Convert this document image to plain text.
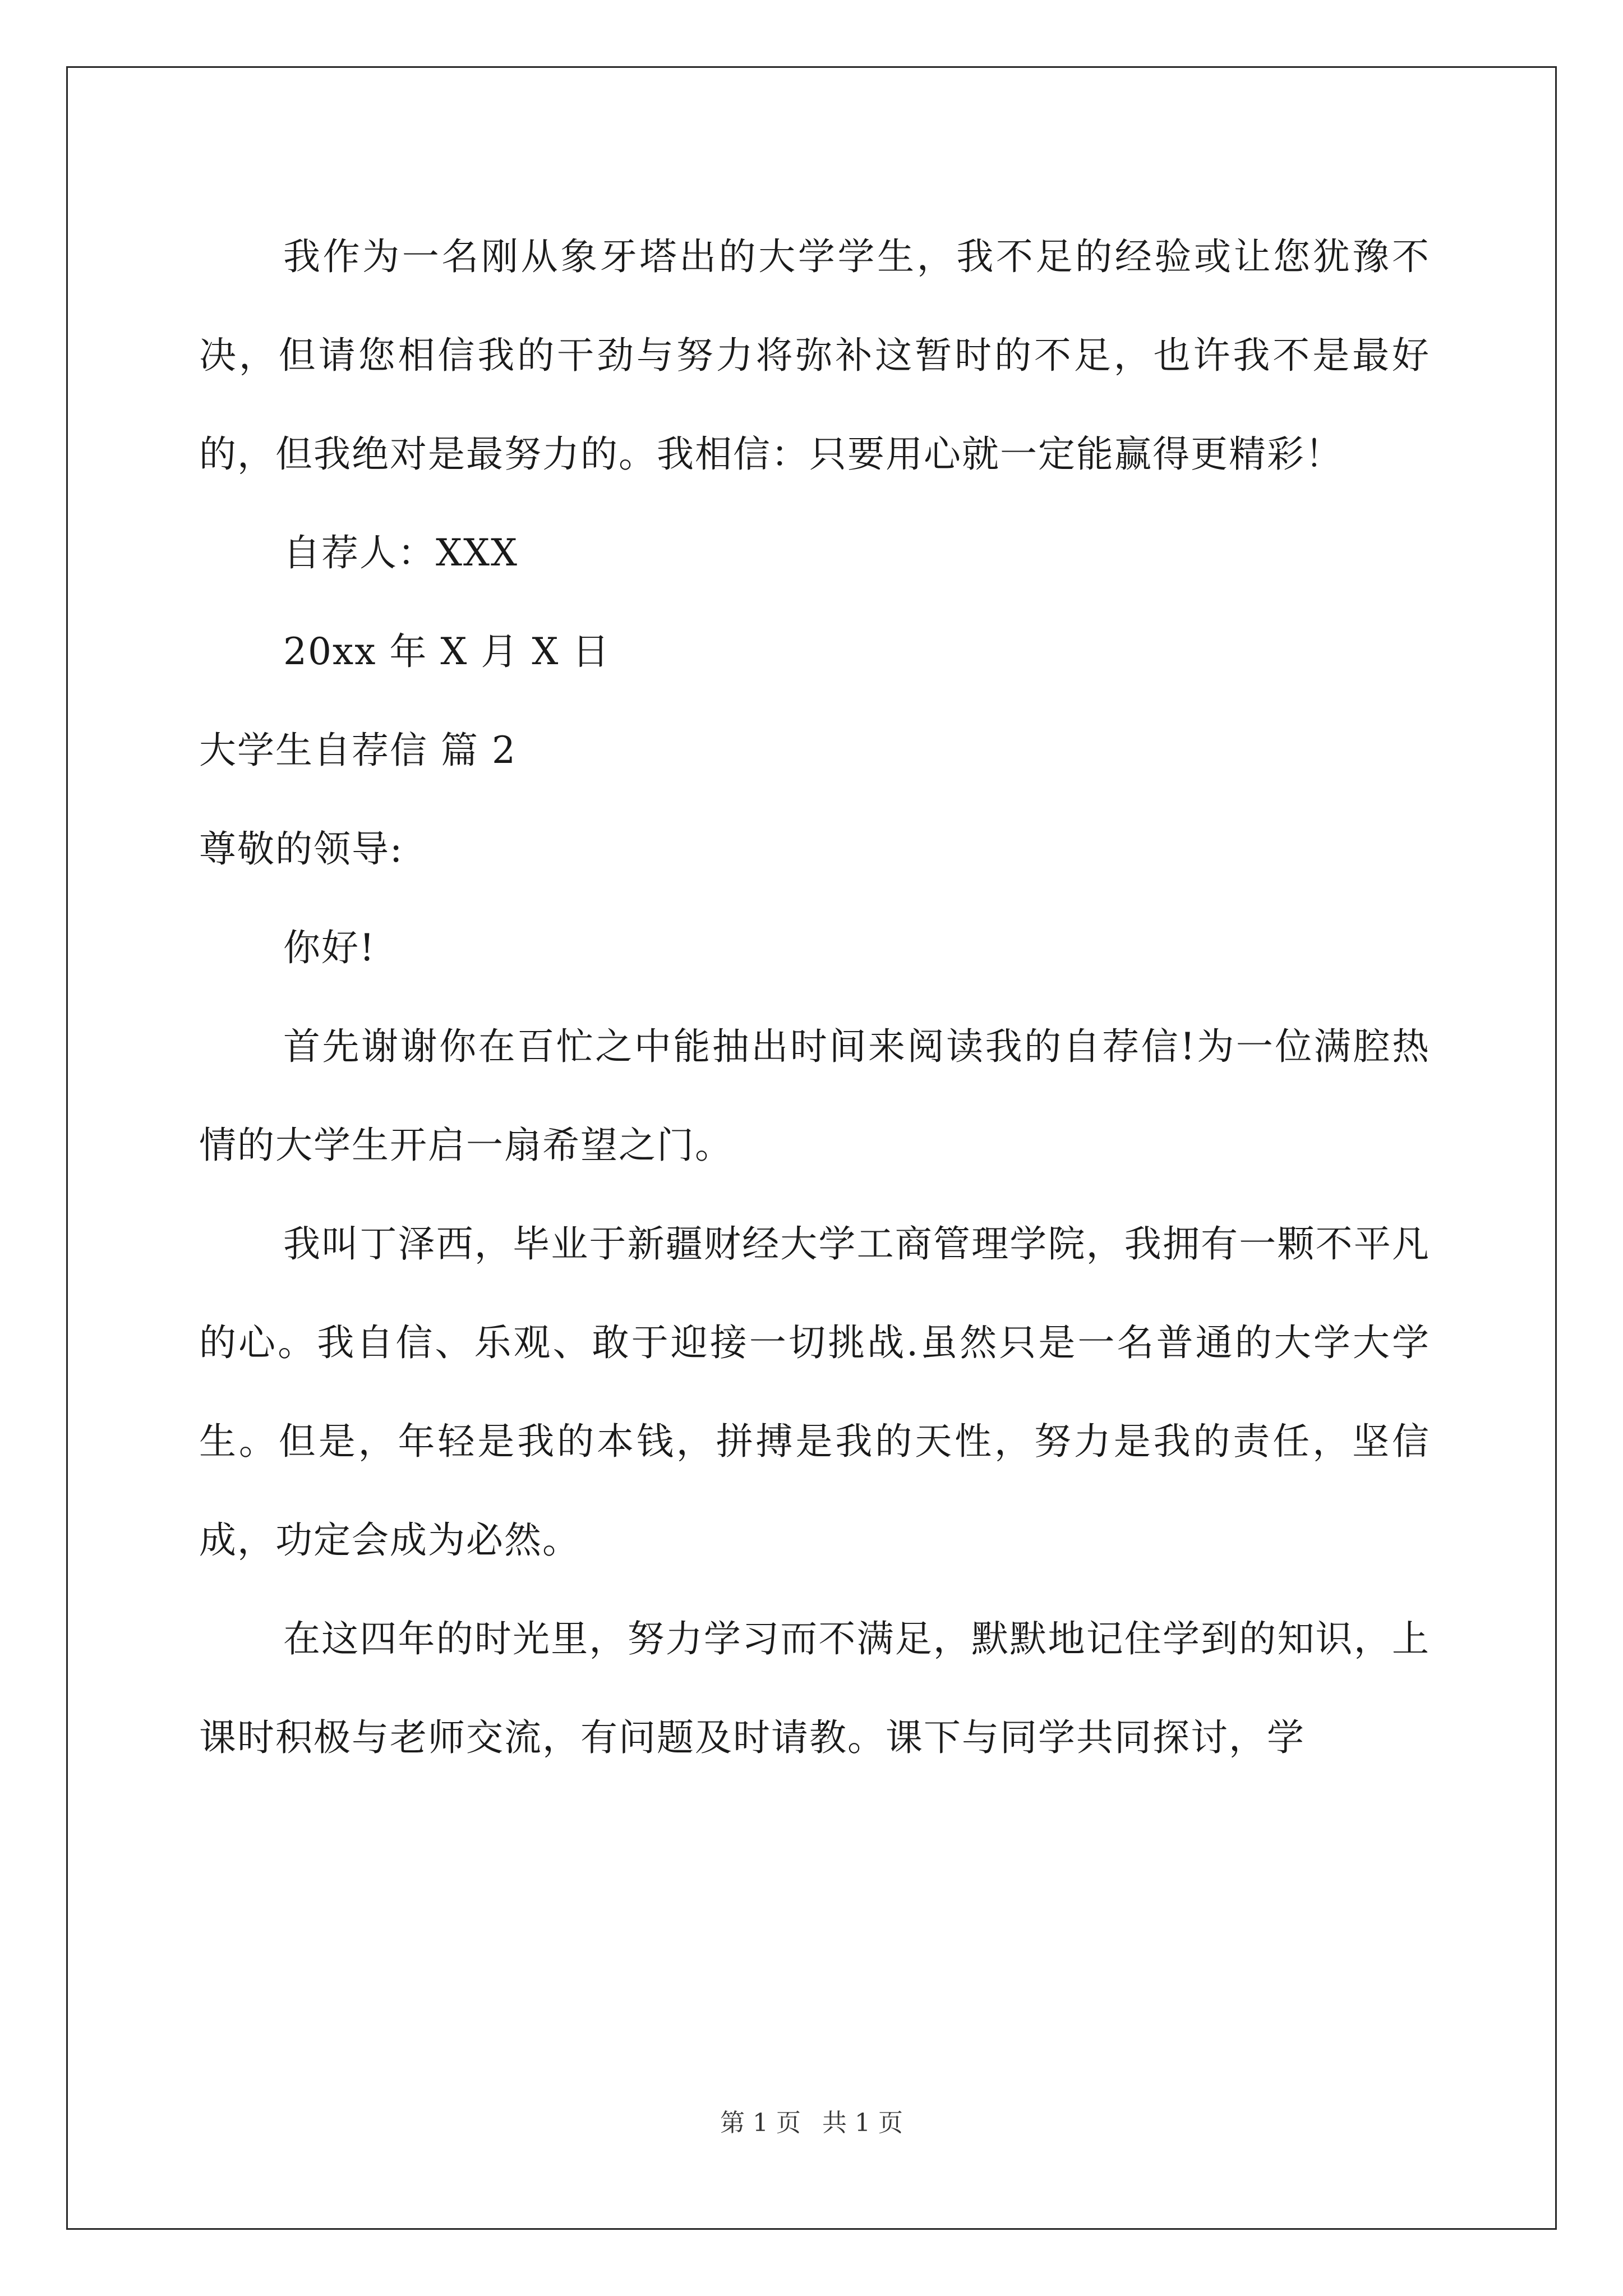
我作为一名刚从象牙塔出的大学学生，我不足的经验或让您犹豫不决，但请您相信我的干劲与努力将弥补这暂时的不足，也许我不是最好的，但我绝对是最努力的。我相信：只要用心就一定能赢得更精彩！

自荐人：XXX

20xx 年 X 月 X 日

大学生自荐信 篇 2

尊敬的领导:

你好!

首先谢谢你在百忙之中能抽出时间来阅读我的自荐信!为一位满腔热情的大学生开启一扇希望之门。

我叫丁泽西，毕业于新疆财经大学工商管理学院，我拥有一颗不平凡的心。我自信、乐观、敢于迎接一切挑战.虽然只是一名普通的大学大学生。但是，年轻是我的本钱，拼搏是我的天性，努力是我的责任，坚信成，功定会成为必然。

在这四年的时光里，努力学习而不满足，默默地记住学到的知识，上课时积极与老师交流，有问题及时请教。课下与同学共同探讨，学

第 1 页 共 1 页
